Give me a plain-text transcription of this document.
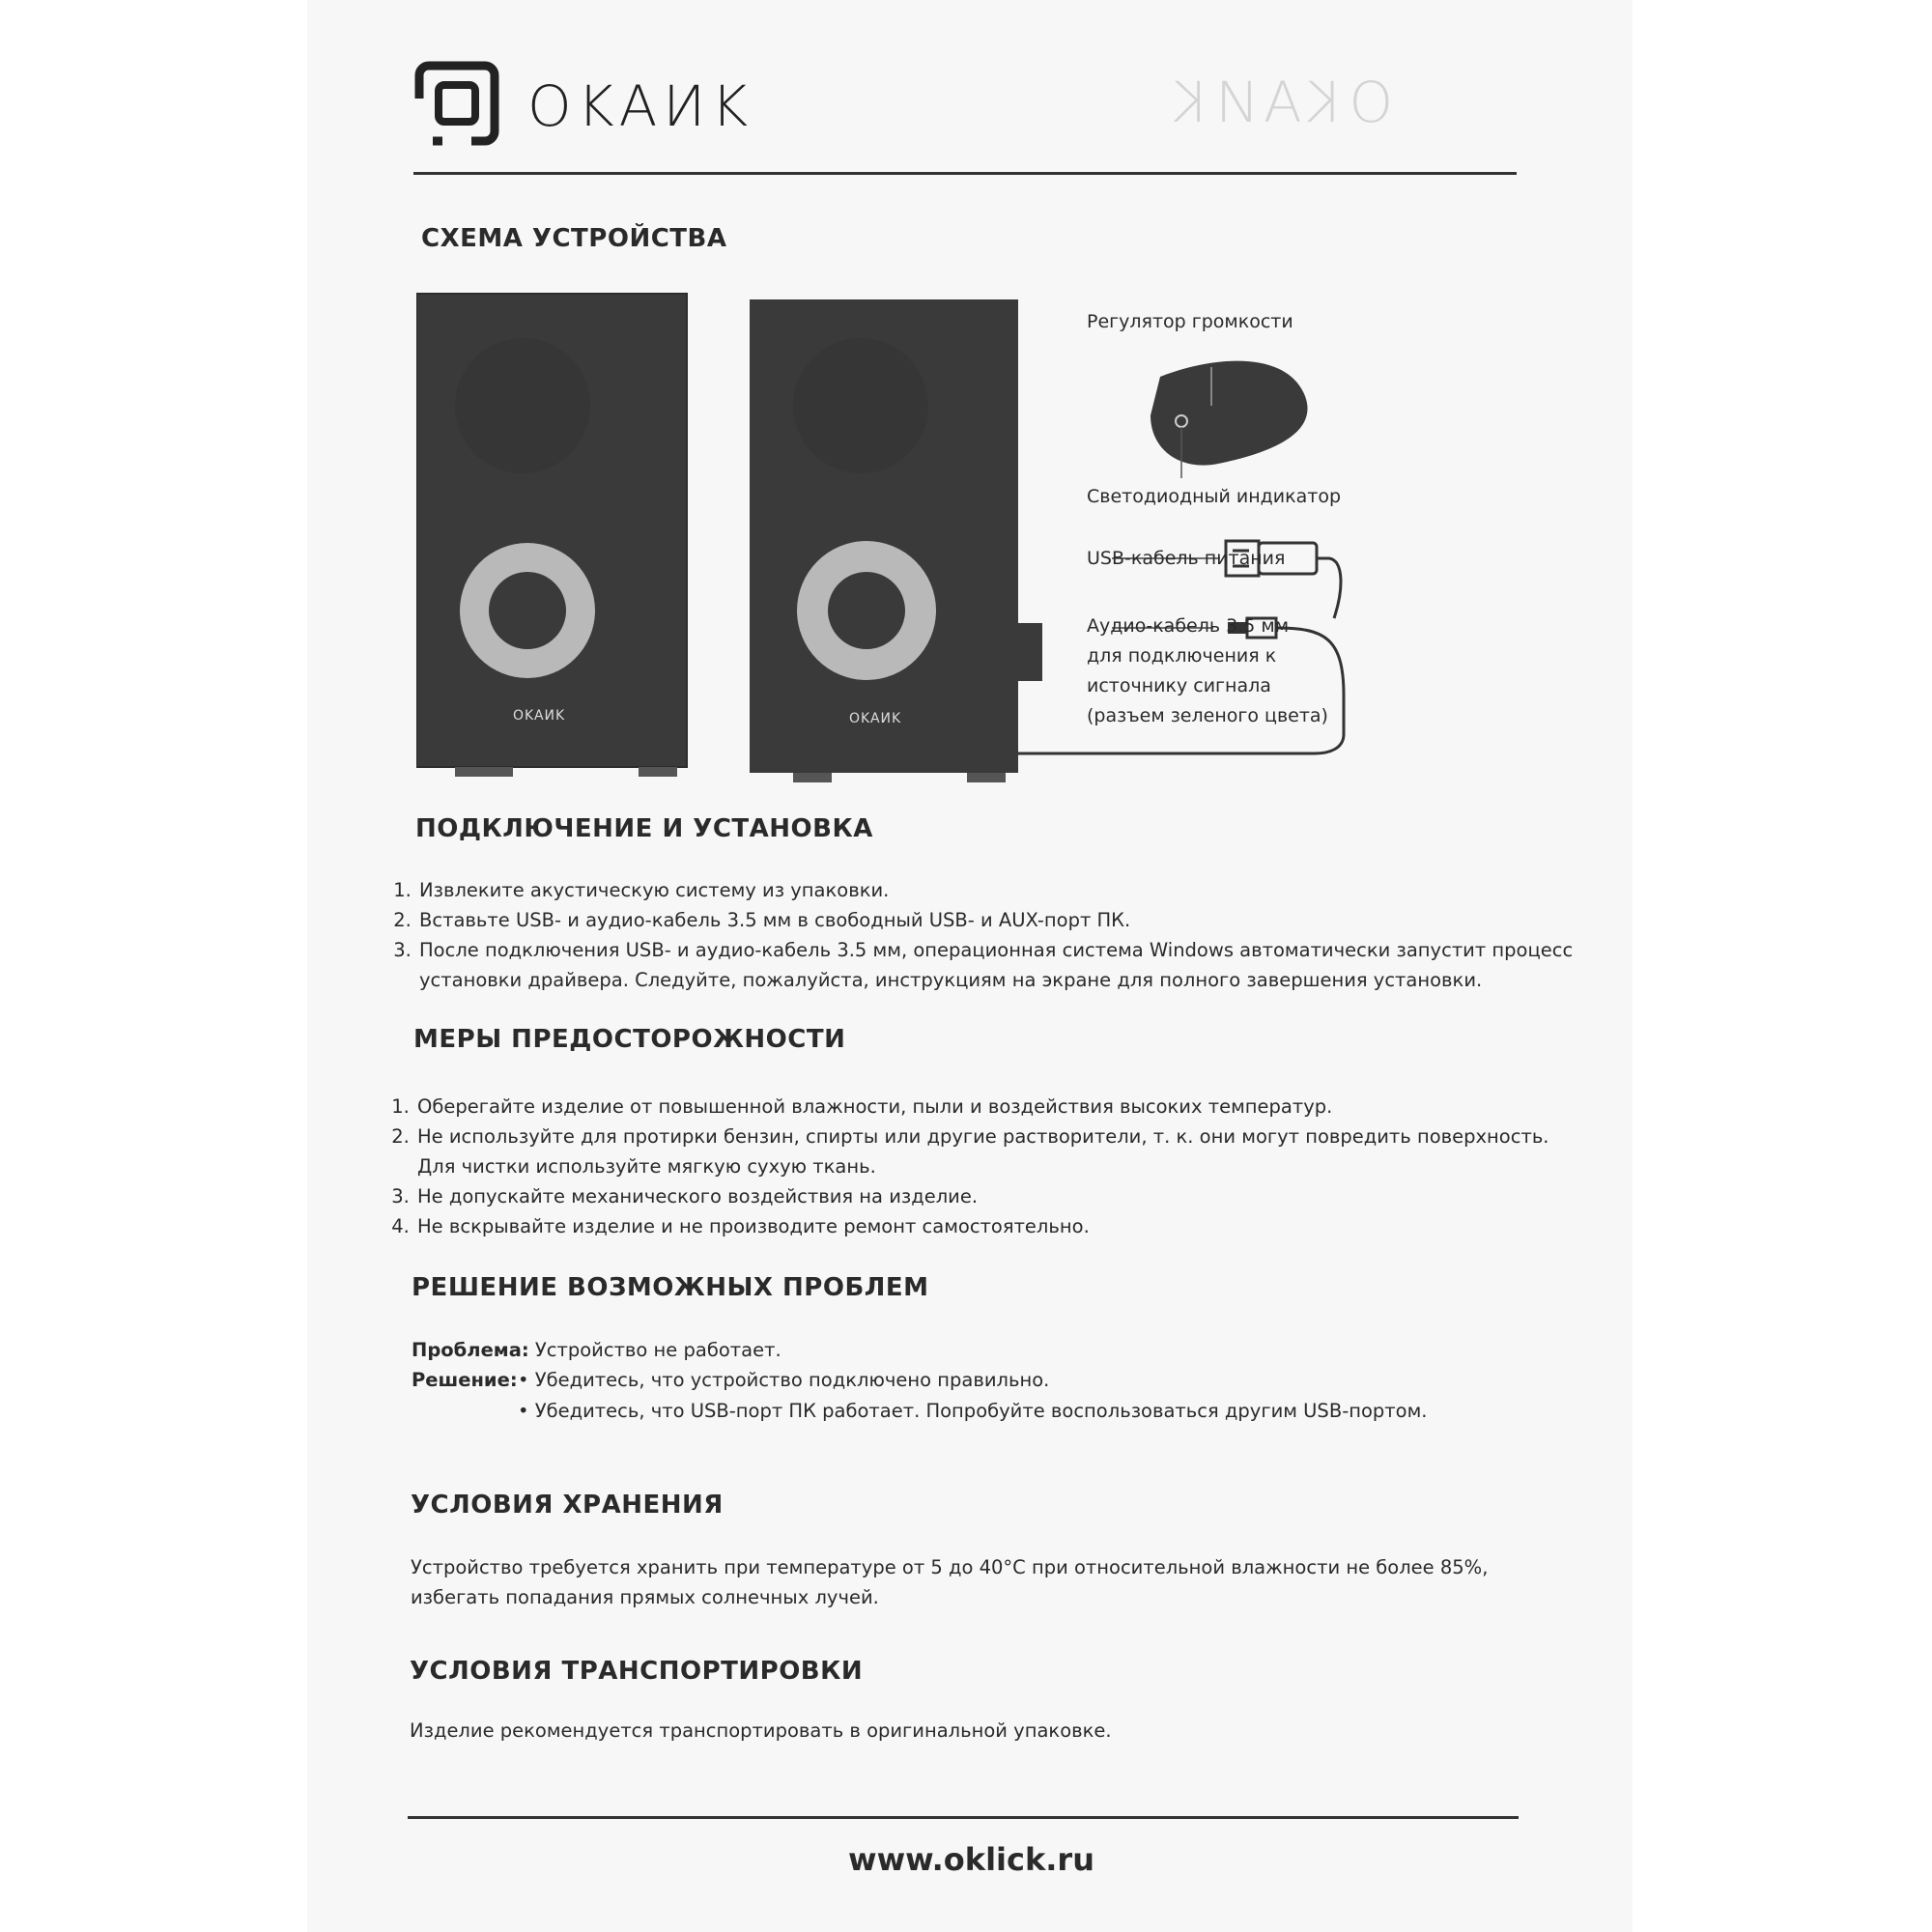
OKAИK

OKAИK
СХЕМА УСТРОЙСТВА
OKAИK	OKAИK
Регулятор громкости
Светодиодный индикатор
USB-кабель питания
Аудио-кабель 3.5 мм
для подключения к
источнику сигнала
(разъем зеленого цвета)
ПОДКЛЮЧЕНИЕ И УСТАНОВКА
1. Извлеките акустическую систему из упаковки.
2. Вставьте USB- и аудио-кабель 3.5 мм в свободный USB- и AUX-порт ПК.
3. После подключения USB- и аудио-кабель 3.5 мм, операционная система Windows автоматически запустит процесс установки драйвера. Следуйте, пожалуйста, инструкциям на экране для полного завершения установки.
МЕРЫ ПРЕДОСТОРОЖНОСТИ
1. Оберегайте изделие от повышенной влажности, пыли и воздействия высоких температур.
2. Не используйте для протирки бензин, спирты или другие растворители, т. к. они могут повредить поверхность. Для чистки используйте мягкую сухую ткань.
3. Не допускайте механического воздействия на изделие.
4. Не вскрывайте изделие и не производите ремонт самостоятельно.
РЕШЕНИЕ ВОЗМОЖНЫХ ПРОБЛЕМ
Проблема: Устройство не работает.
Решение: • Убедитесь, что устройство подключено правильно.
• Убедитесь, что USB-порт ПК работает. Попробуйте воспользоваться другим USB-портом.
УСЛОВИЯ ХРАНЕНИЯ

Устройство требуется хранить при температуре от 5 до 40°С при относительной влажности не более 85%, избегать попадания прямых солнечных лучей.

УСЛОВИЯ ТРАНСПОРТИРОВКИ

Изделие рекомендуется транспортировать в оригинальной упаковке.

www.oklick.ru
